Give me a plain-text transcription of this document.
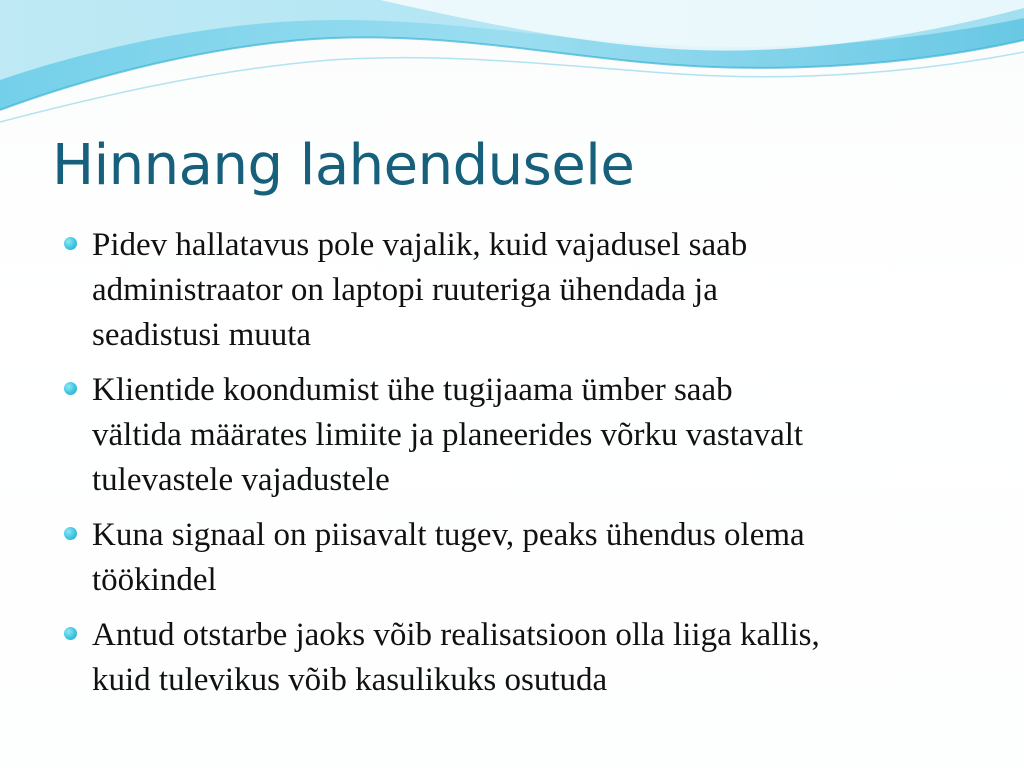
Hinnang lahendusele
Pidev hallatavus pole vajalik, kuid vajadusel saab
administraator on laptopi ruuteriga ühendada ja
seadistusi muuta
Klientide koondumist ühe tugijaama ümber saab
vältida määrates limiite ja planeerides võrku vastavalt
tulevastele vajadustele
Kuna signaal on piisavalt tugev, peaks ühendus olema
töökindel
Antud otstarbe jaoks võib realisatsioon olla liiga kallis,
kuid tulevikus võib kasulikuks osutuda
